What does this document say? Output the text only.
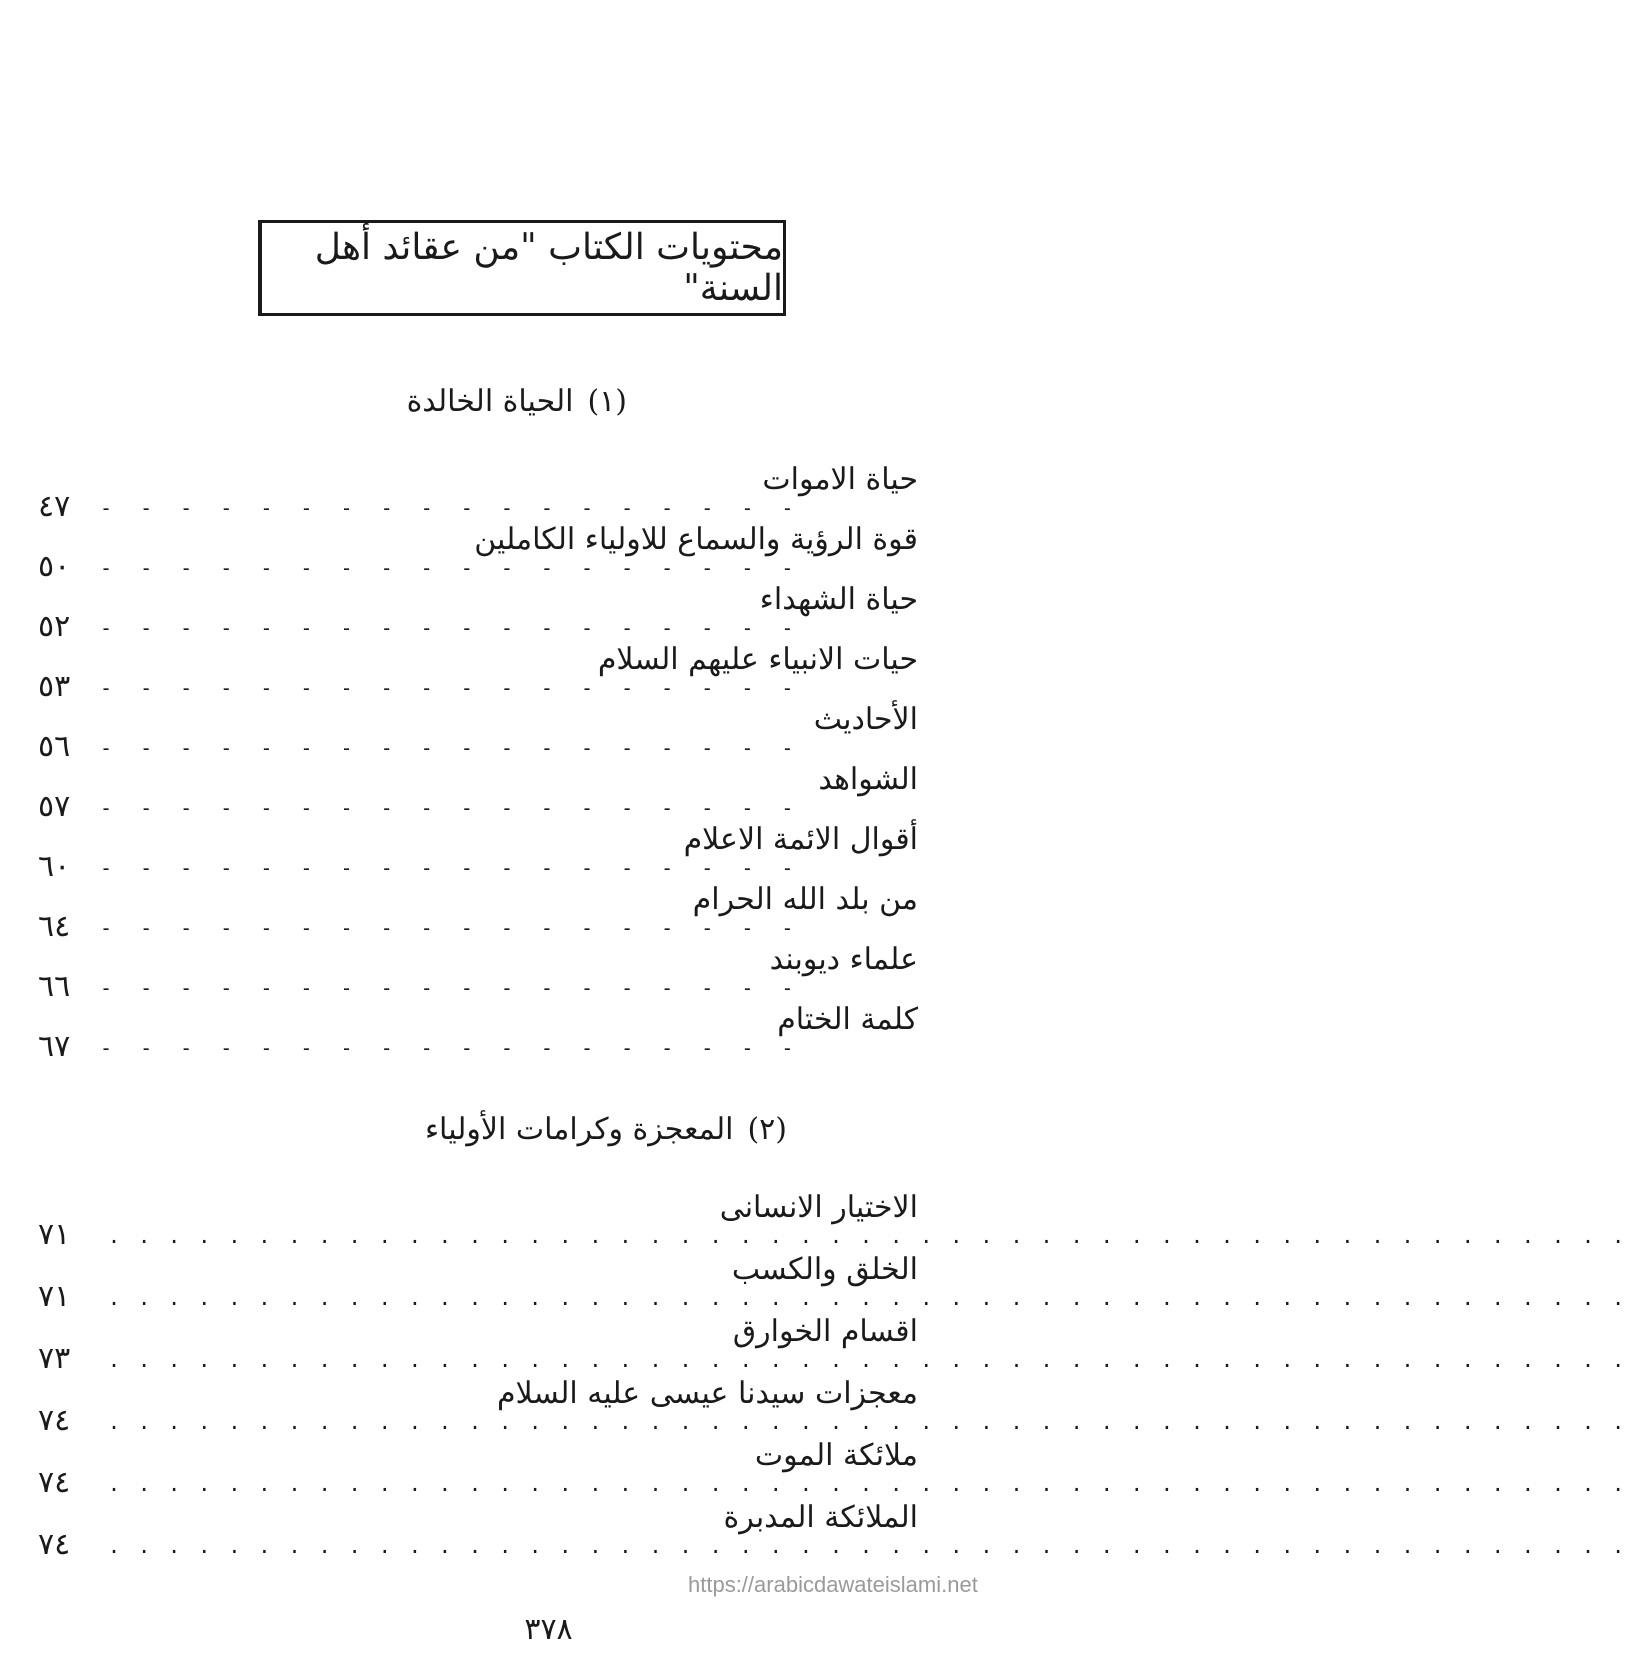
محتويات الكتاب "من عقائد أهل السنة"
(١)الحياة الخالدة
حياة الاموات
- - - - - - - - - - - - - - - - - -
٤٧
قوة الرؤية والسماع للاولياء الكاملين
- - - - - - - - - - - - - - - - - -
٥٠
حياة الشهداء
- - - - - - - - - - - - - - - - - -
٥٢
حيات الانبياء عليهم السلام
- - - - - - - - - - - - - - - - - -
٥٣
الأحاديث
- - - - - - - - - - - - - - - - - -
٥٦
الشواهد
- - - - - - - - - - - - - - - - - -
٥٧
أقوال الائمة الاعلام
- - - - - - - - - - - - - - - - - -
٦٠
من بلد الله الحرام
- - - - - - - - - - - - - - - - - -
٦٤
علماء ديوبند
- - - - - - - - - - - - - - - - - -
٦٦
كلمة الختام
- - - - - - - - - - - - - - - - - -
٦٧
(٢)المعجزة وكرامات الأولياء
الاختيار الانسانى
. . . . . . . . . . . . . . . . . . . . . . . . . . . . . . . . . . . . . . . . . . . . . . . . . . .
٧١
الخلق والكسب
. . . . . . . . . . . . . . . . . . . . . . . . . . . . . . . . . . . . . . . . . . . . . . . . . . .
٧١
اقسام الخوارق
. . . . . . . . . . . . . . . . . . . . . . . . . . . . . . . . . . . . . . . . . . . . . . . . . . .
٧٣
معجزات سيدنا عيسى عليه السلام
. . . . . . . . . . . . . . . . . . . . . . . . . . . . . . . . . . . . . . . . . . . . . . . . . . .
٧٤
ملائكة الموت
. . . . . . . . . . . . . . . . . . . . . . . . . . . . . . . . . . . . . . . . . . . . . . . . . . .
٧٤
الملائكة المدبرة
. . . . . . . . . . . . . . . . . . . . . . . . . . . . . . . . . . . . . . . . . . . . . . . . . . .
٧٤
https://arabicdawateislami.net
٣٧٨
